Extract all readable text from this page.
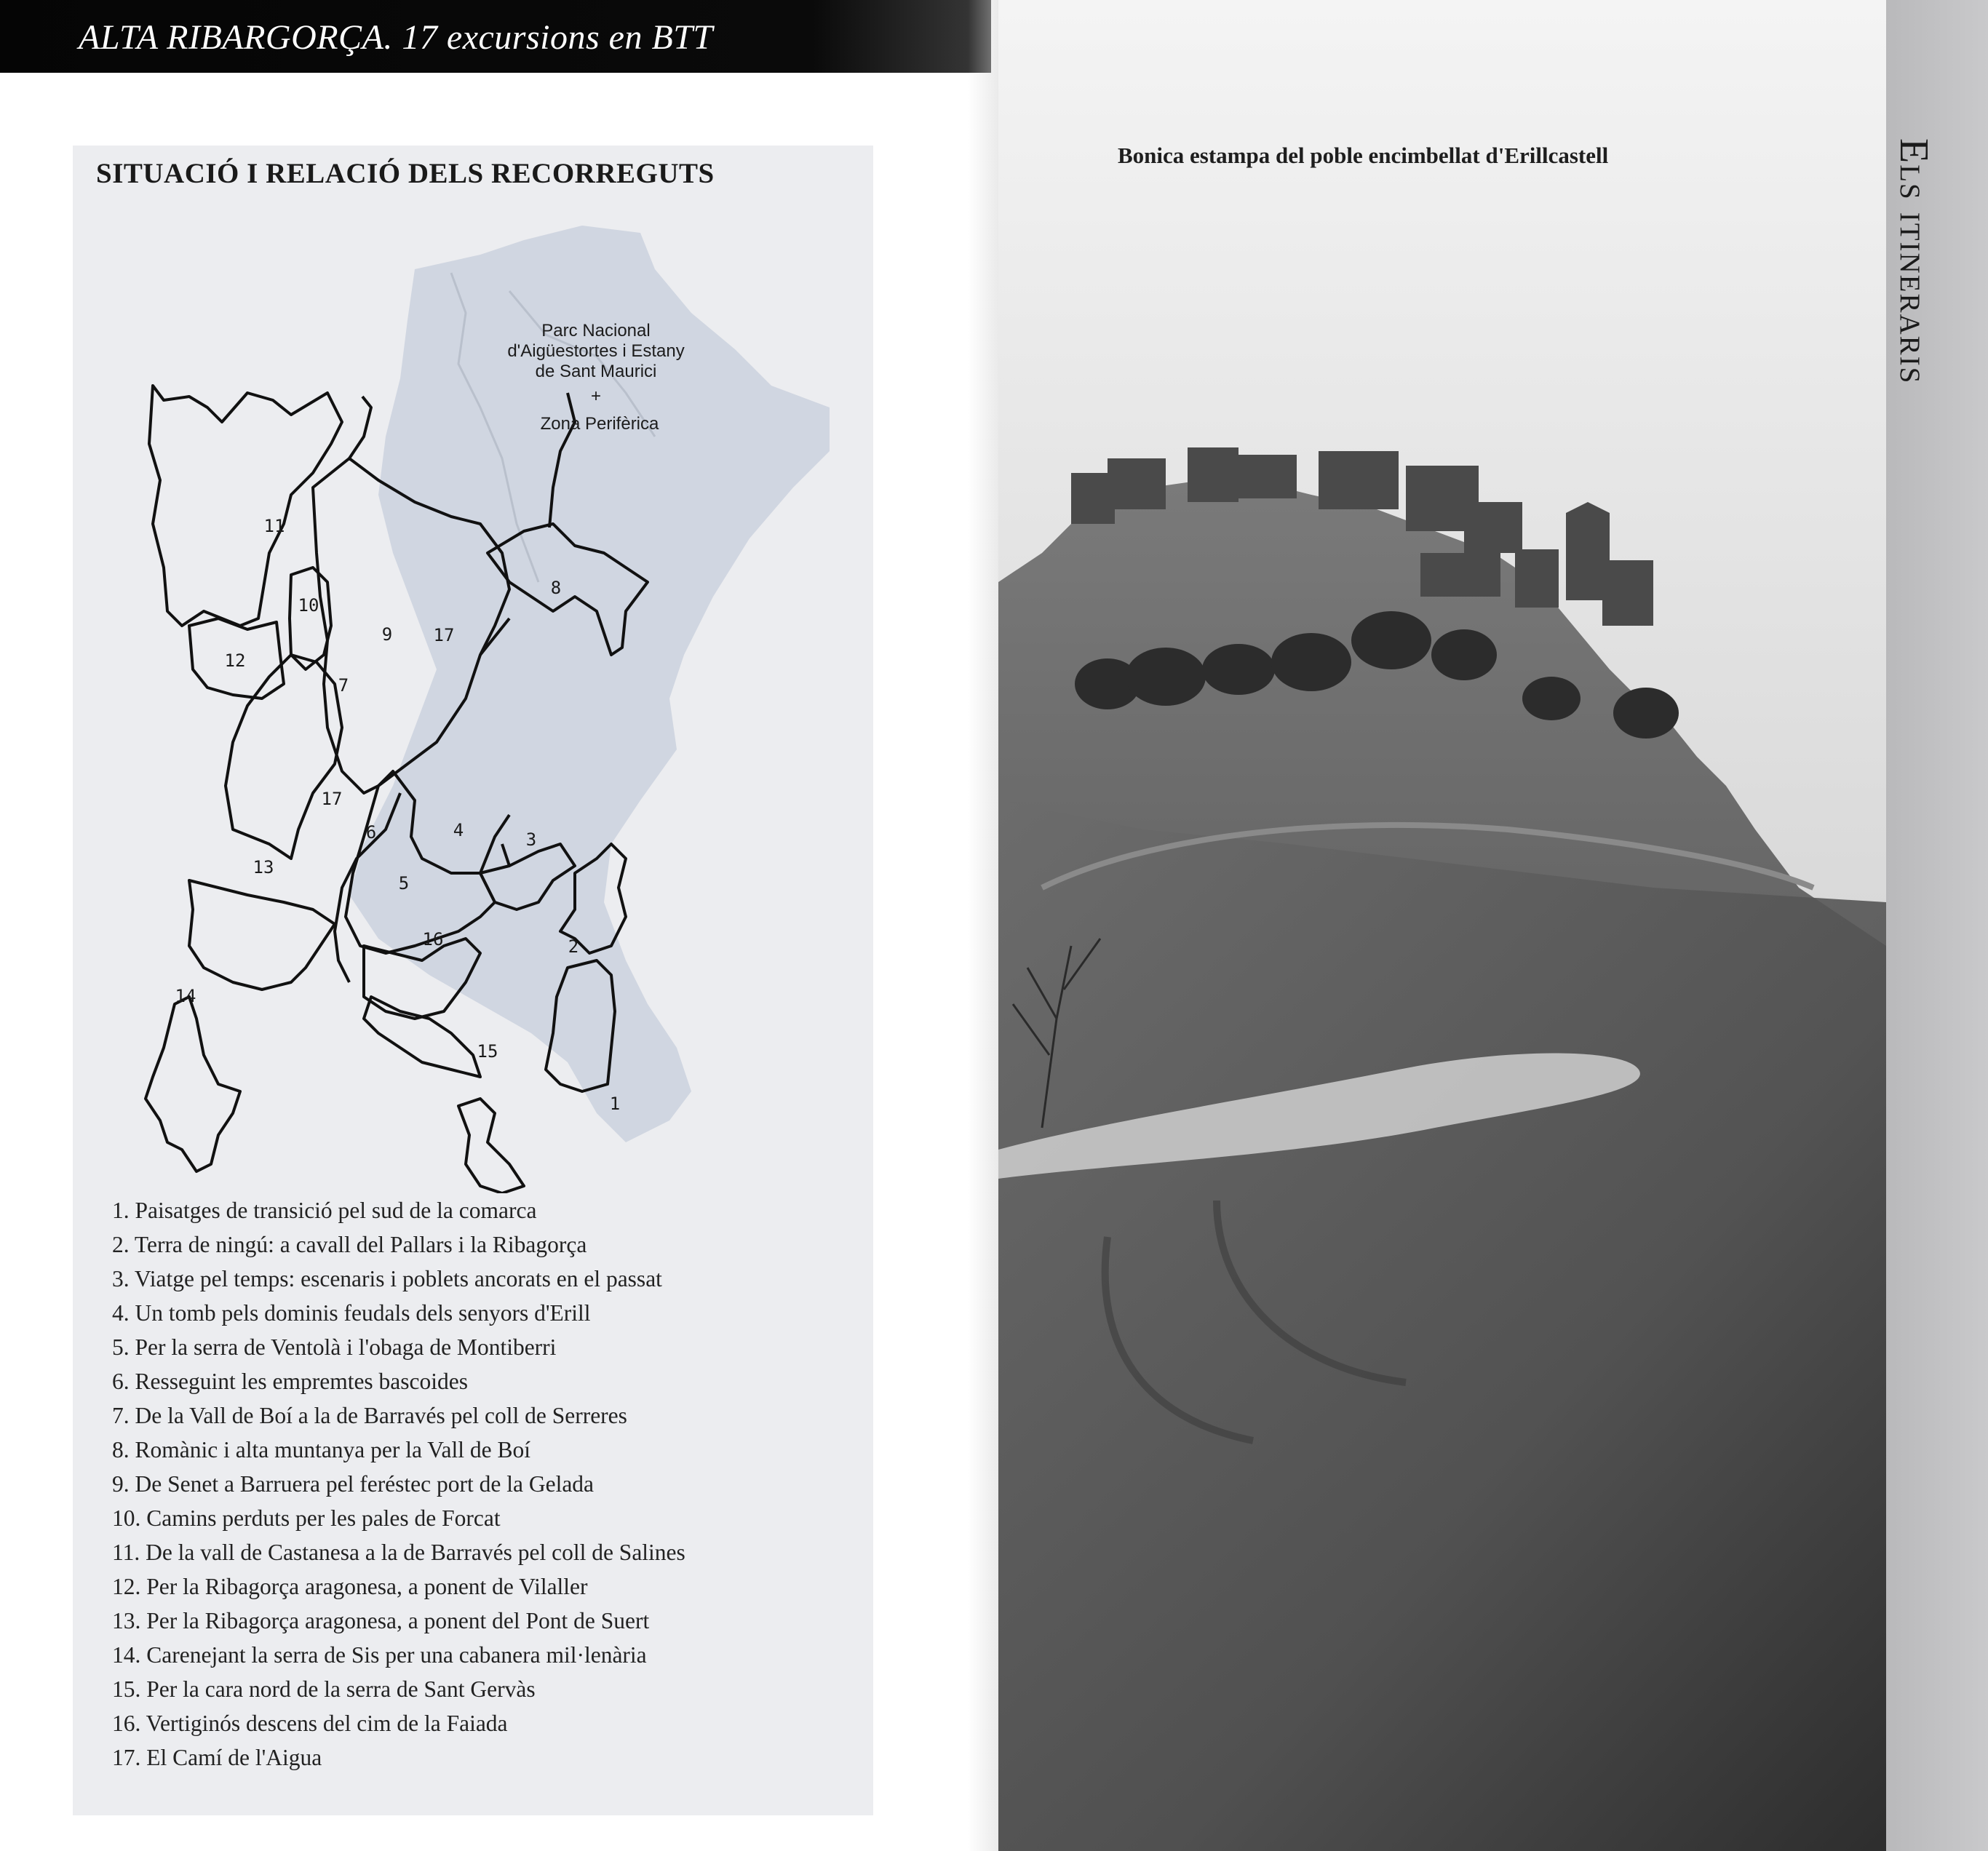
ALTA RIBARGORÇA. 17 excursions en BTT
SITUACIÓ I RELACIÓ DELS RECORREGUTS
Parc Nacional
d'Aigüestortes i Estany
de Sant Maurici
+
Zona Perifèrica
11
10
12
9 17
8
7
17
6	4	3
13
5
16	2
14
15
1
1. Paisatges de transició pel sud de la comarca
2. Terra de ningú: a cavall del Pallars i la Ribagorça
3. Viatge pel temps: escenaris i poblets ancorats en el passat
4. Un tomb pels dominis feudals dels senyors d'Erill
5. Per la serra de Ventolà i l'obaga de Montiberri
6. Resseguint les empremtes bascoides
7. De la Vall de Boí a la de Barravés pel coll de Serreres
8. Romànic i alta muntanya per la Vall de Boí
9. De Senet a Barruera pel feréstec port de la Gelada
10. Camins perduts per les pales de Forcat
11. De la vall de Castanesa a la de Barravés pel coll de Salines
12. Per la Ribagorça aragonesa, a ponent de Vilaller
13. Per la Ribagorça aragonesa, a ponent del Pont de Suert
14. Carenejant la serra de Sis per una cabanera mil·lenària
15. Per la cara nord de la serra de Sant Gervàs
16. Vertiginós descens del cim de la Faiada
17. El Camí de l'Aigua
Bonica estampa del poble encimbellat d'Erillcastell	Els itineraris
